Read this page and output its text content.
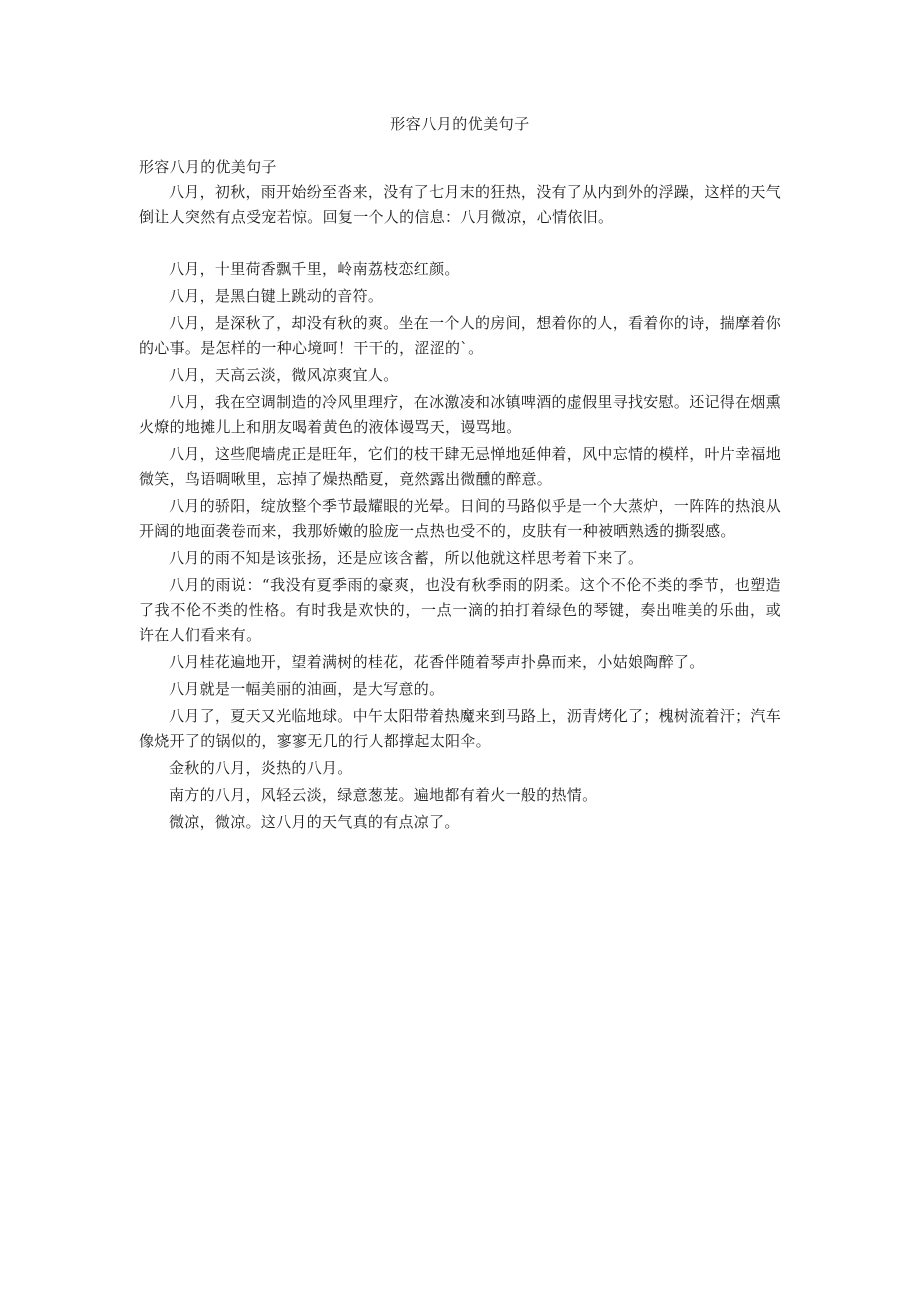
形容八月的优美句子

形容八月的优美句子

八月，初秋，雨开始纷至沓来，没有了七月末的狂热，没有了从内到外的浮躁，这样的天气倒让人突然有点受宠若惊。回复一个人的信息：八月微凉，心情依旧。

八月，十里荷香飘千里，岭南荔枝恋红颜。

八月，是黑白键上跳动的音符。

八月，是深秋了，却没有秋的爽。坐在一个人的房间，想着你的人，看着你的诗，揣摩着你的心事。是怎样的一种心境呵！干干的，涩涩的`。

八月，天高云淡，微风凉爽宜人。

八月，我在空调制造的冷风里理疗，在冰激凌和冰镇啤酒的虚假里寻找安慰。还记得在烟熏火燎的地摊儿上和朋友喝着黄色的液体谩骂天，谩骂地。

八月，这些爬墙虎正是旺年，它们的枝干肆无忌惮地延伸着，风中忘情的模样，叶片幸福地微笑，鸟语啁啾里，忘掉了燥热酷夏，竟然露出微醺的醉意。

八月的骄阳，绽放整个季节最耀眼的光晕。日间的马路似乎是一个大蒸炉，一阵阵的热浪从开阔的地面袭卷而来，我那娇嫩的脸庞一点热也受不的，皮肤有一种被晒熟透的撕裂感。

八月的雨不知是该张扬，还是应该含蓄，所以他就这样思考着下来了。

八月的雨说：“我没有夏季雨的豪爽，也没有秋季雨的阴柔。这个不伦不类的季节，也塑造了我不伦不类的性格。有时我是欢快的，一点一滴的拍打着绿色的琴键，奏出唯美的乐曲，或许在人们看来有。

八月桂花遍地开，望着满树的桂花，花香伴随着琴声扑鼻而来，小姑娘陶醉了。

八月就是一幅美丽的油画，是大写意的。

八月了，夏天又光临地球。中午太阳带着热魔来到马路上，沥青烤化了；槐树流着汗；汽车像烧开了的锅似的，寥寥无几的行人都撑起太阳伞。

金秋的八月，炎热的八月。

南方的八月，风轻云淡，绿意葱茏。遍地都有着火一般的热情。

微凉，微凉。这八月的天气真的有点凉了。
